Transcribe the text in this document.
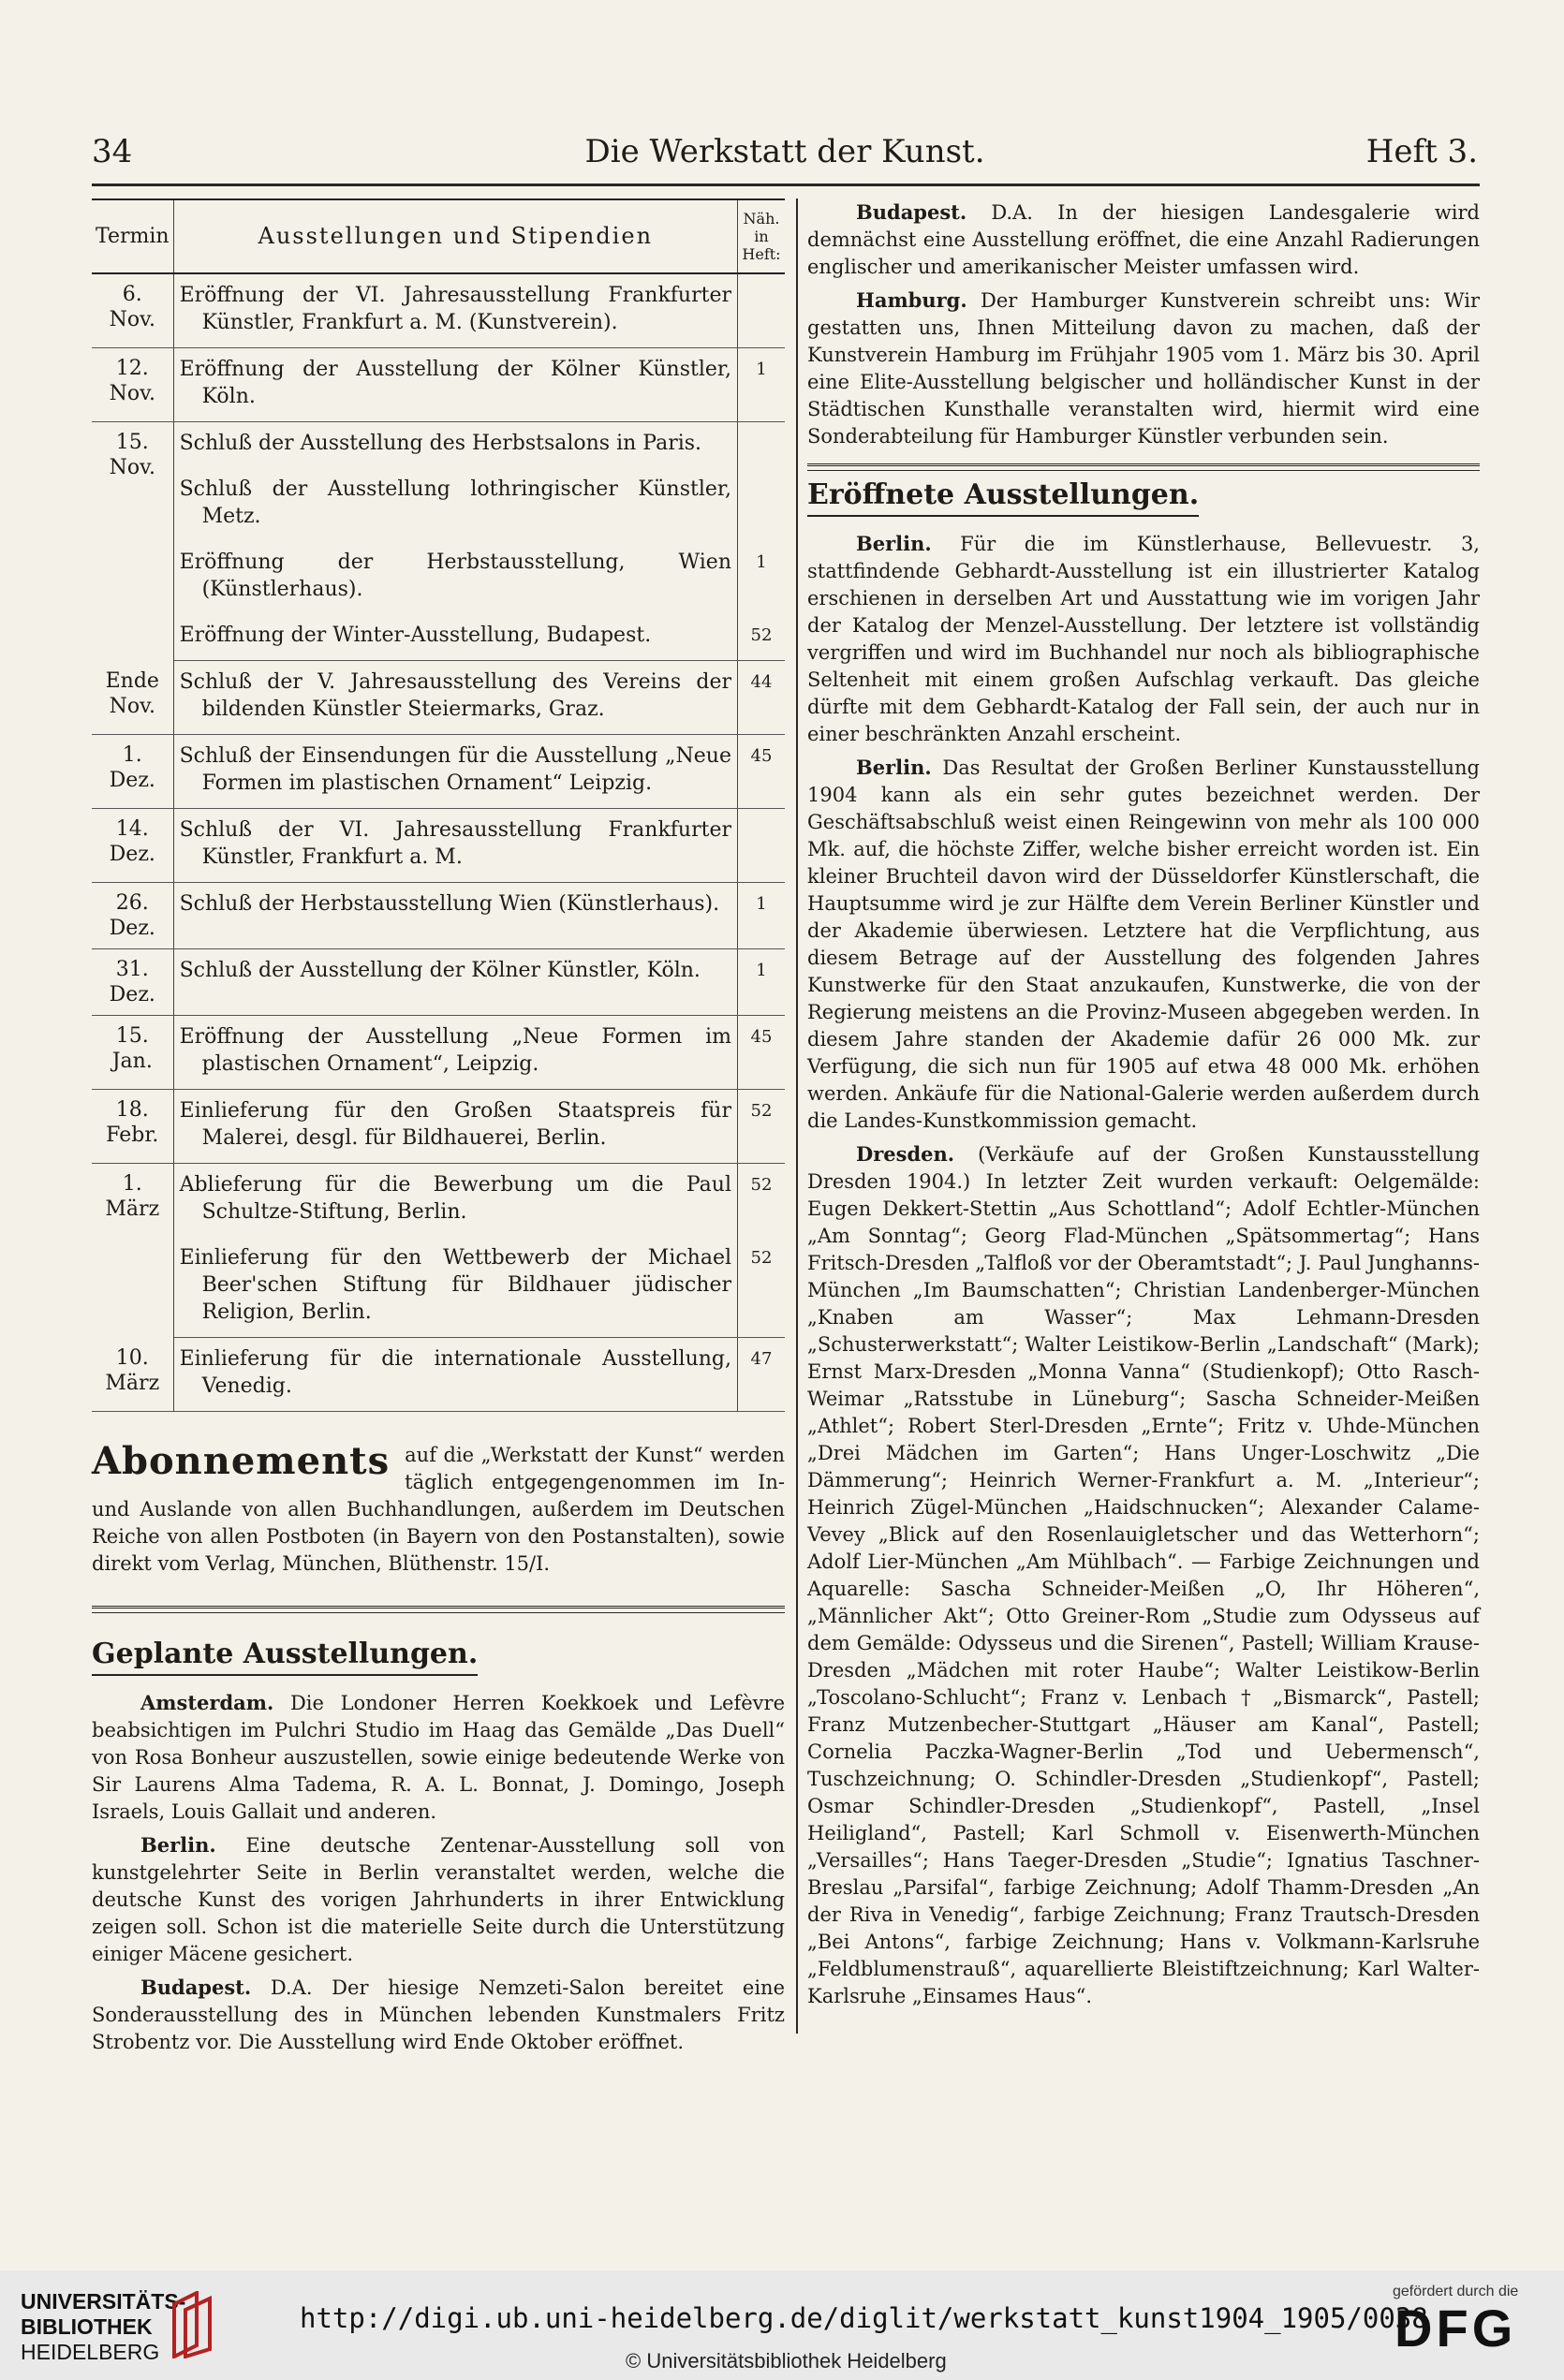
34	Die Werkstatt der Kunst.	Heft 3.
Termin	Ausstellungen und Stipendien	Näh. in Heft:
6. Nov.	Eröffnung der VI. Jahresausstellung Frankfurter Künstler, Frankfurt a. M. (Kunstverein).	

12. Nov.	Eröffnung der Ausstellung der Kölner Künstler, Köln.	1
15. Nov.	Schluß der Ausstellung des Herbstsalons in Paris.	

	Schluß der Ausstellung lothringischer Künstler, Metz.	

	Eröffnung der Herbstausstellung, Wien (Künstlerhaus).	1

	Eröffnung der Winter-Ausstellung, Budapest.	52
Ende Nov.	Schluß der V. Jahresausstellung des Vereins der bildenden Künstler Steiermarks, Graz.	44
1. Dez.	Schluß der Einsendungen für die Ausstellung „Neue Formen im plastischen Ornament“ Leipzig.	45
14. Dez.	Schluß der VI. Jahresausstellung Frankfurter Künstler, Frankfurt a. M.	

26. Dez.	Schluß der Herbstausstellung Wien (Künstlerhaus).	1
31. Dez.	Schluß der Ausstellung der Kölner Künstler, Köln.	1
15. Jan.	Eröffnung der Ausstellung „Neue Formen im plastischen Ornament“, Leipzig.	45
18. Febr.	Einlieferung für den Großen Staatspreis für Malerei, desgl. für Bildhauerei, Berlin.	52
1. März	Ablieferung für die Bewerbung um die Paul Schultze-Stiftung, Berlin.	52

	Einlieferung für den Wettbewerb der Michael Beer'schen Stiftung für Bildhauer jüdischer Religion, Berlin.	52
10. März	Einlieferung für die internationale Ausstellung, Venedig.	47
Abonnements auf die „Werkstatt der Kunst“ werden täglich entgegengenommen im In- und Auslande von allen Buchhandlungen, außerdem im Deutschen Reiche von allen Postboten (in Bayern von den Postanstalten), sowie direkt vom Verlag, München, Blüthenstr. 15/I.
Geplante Ausstellungen.

Amsterdam. Die Londoner Herren Koekkoek und Lefèvre beabsichtigen im Pulchri Studio im Haag das Gemälde „Das Duell“ von Rosa Bonheur auszustellen, sowie einige bedeutende Werke von Sir Laurens Alma Tadema, R. A. L. Bonnat, J. Domingo, Joseph Israels, Louis Gallait und anderen.

Berlin. Eine deutsche Zentenar-Ausstellung soll von kunstgelehrter Seite in Berlin veranstaltet werden, welche die deutsche Kunst des vorigen Jahrhunderts in ihrer Entwicklung zeigen soll. Schon ist die materielle Seite durch die Unterstützung einiger Mäcene gesichert.

Budapest. D.A. Der hiesige Nemzeti-Salon bereitet eine Sonderausstellung des in München lebenden Kunstmalers Fritz Strobentz vor. Die Ausstellung wird Ende Oktober eröffnet.

Budapest. D.A. In der hiesigen Landesgalerie wird demnächst eine Ausstellung eröffnet, die eine Anzahl Radierungen englischer und amerikanischer Meister umfassen wird.

Hamburg. Der Hamburger Kunstverein schreibt uns: Wir gestatten uns, Ihnen Mitteilung davon zu machen, daß der Kunstverein Hamburg im Frühjahr 1905 vom 1. März bis 30. April eine Elite-Ausstellung belgischer und holländischer Kunst in der Städtischen Kunsthalle veranstalten wird, hiermit wird eine Sonderabteilung für Hamburger Künstler verbunden sein.

Eröffnete Ausstellungen.

Berlin. Für die im Künstlerhause, Bellevuestr. 3, stattfindende Gebhardt-Ausstellung ist ein illustrierter Katalog erschienen in derselben Art und Ausstattung wie im vorigen Jahr der Katalog der Menzel-Ausstellung. Der letztere ist vollständig vergriffen und wird im Buchhandel nur noch als bibliographische Seltenheit mit einem großen Aufschlag verkauft. Das gleiche dürfte mit dem Gebhardt-Katalog der Fall sein, der auch nur in einer beschränkten Anzahl erscheint.

Berlin. Das Resultat der Großen Berliner Kunstausstellung 1904 kann als ein sehr gutes bezeichnet werden. Der Geschäftsabschluß weist einen Reingewinn von mehr als 100 000 Mk. auf, die höchste Ziffer, welche bisher erreicht worden ist. Ein kleiner Bruchteil davon wird der Düsseldorfer Künstlerschaft, die Hauptsumme wird je zur Hälfte dem Verein Berliner Künstler und der Akademie überwiesen. Letztere hat die Verpflichtung, aus diesem Betrage auf der Ausstellung des folgenden Jahres Kunstwerke für den Staat anzukaufen, Kunstwerke, die von der Regierung meistens an die Provinz-Museen abgegeben werden. In diesem Jahre standen der Akademie dafür 26 000 Mk. zur Verfügung, die sich nun für 1905 auf etwa 48 000 Mk. erhöhen werden. Ankäufe für die National-Galerie werden außerdem durch die Landes-Kunstkommission gemacht.

Dresden. (Verkäufe auf der Großen Kunstausstellung Dresden 1904.) In letzter Zeit wurden verkauft: Oelgemälde: Eugen Dekkert-Stettin „Aus Schottland“; Adolf Echtler-München „Am Sonntag“; Georg Flad-München „Spätsommertag“; Hans Fritsch-Dresden „Talfloß vor der Oberamtstadt“; J. Paul Junghanns-München „Im Baumschatten“; Christian Landenberger-München „Knaben am Wasser“; Max Lehmann-Dresden „Schusterwerkstatt“; Walter Leistikow-Berlin „Landschaft“ (Mark); Ernst Marx-Dresden „Monna Vanna“ (Studienkopf); Otto Rasch-Weimar „Ratsstube in Lüneburg“; Sascha Schneider-Meißen „Athlet“; Robert Sterl-Dresden „Ernte“; Fritz v. Uhde-München „Drei Mädchen im Garten“; Hans Unger-Loschwitz „Die Dämmerung“; Heinrich Werner-Frankfurt a. M. „Interieur“; Heinrich Zügel-München „Haidschnucken“; Alexander Calame-Vevey „Blick auf den Rosenlauigletscher und das Wetterhorn“; Adolf Lier-München „Am Mühlbach“. — Farbige Zeichnungen und Aquarelle: Sascha Schneider-Meißen „O, Ihr Höheren“, „Männlicher Akt“; Otto Greiner-Rom „Studie zum Odysseus auf dem Gemälde: Odysseus und die Sirenen“, Pastell; William Krause-Dresden „Mädchen mit roter Haube“; Walter Leistikow-Berlin „Toscolano-Schlucht“; Franz v. Lenbach † „Bismarck“, Pastell; Franz Mutzenbecher-Stuttgart „Häuser am Kanal“, Pastell; Cornelia Paczka-Wagner-Berlin „Tod und Uebermensch“, Tuschzeichnung; O. Schindler-Dresden „Studienkopf“, Pastell; Osmar Schindler-Dresden „Studienkopf“, Pastell, „Insel Heiligland“, Pastell; Karl Schmoll v. Eisenwerth-München „Versailles“; Hans Taeger-Dresden „Studie“; Ignatius Taschner-Breslau „Parsifal“, farbige Zeichnung; Adolf Thamm-Dresden „An der Riva in Venedig“, farbige Zeichnung; Franz Trautsch-Dresden „Bei Antons“, farbige Zeichnung; Hans v. Volkmann-Karlsruhe „Feldblumenstrauß“, aquarellierte Bleistiftzeichnung; Karl Walter-Karlsruhe „Einsames Haus“.

UNIVERSITÄTS-
BIBLIOTHEK
HEIDELBERG
http://digi.ub.uni-heidelberg.de/diglit/werkstatt_kunst1904_1905/0038
© Universitätsbibliothek Heidelberg
gefördert durch die
DFG
